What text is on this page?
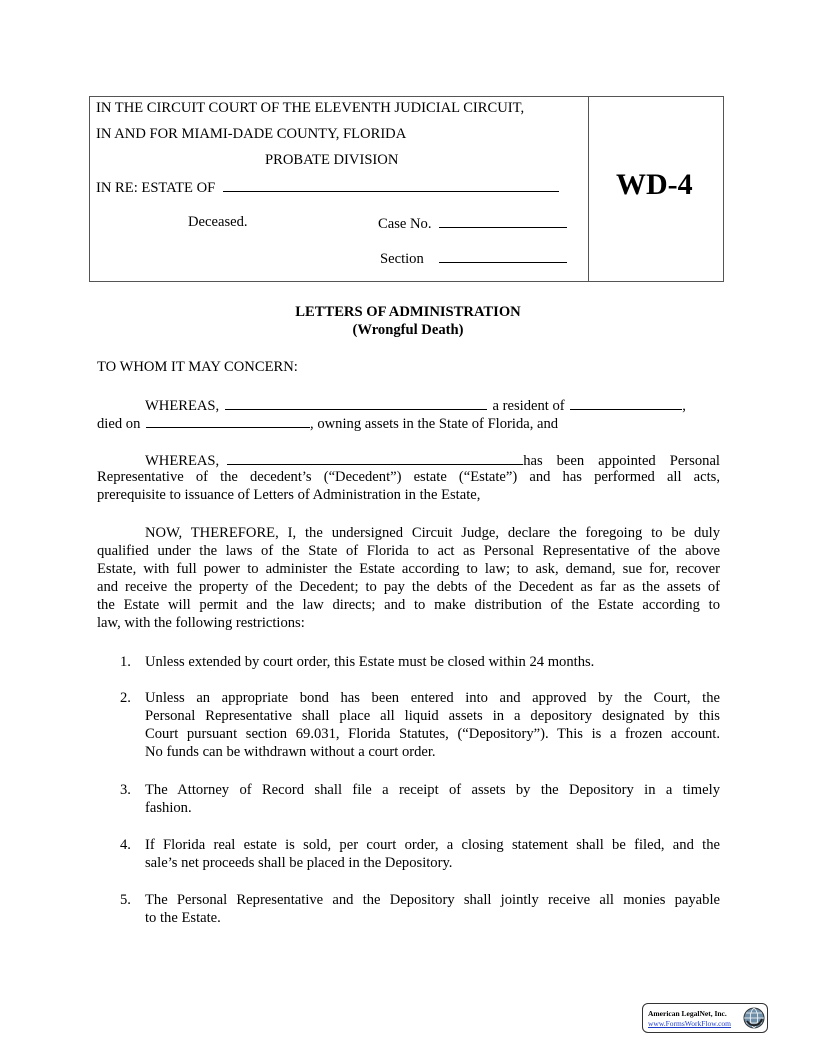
IN THE CIRCUIT COURT OF THE ELEVENTH JUDICIAL CIRCUIT,
IN AND FOR MIAMI-DADE COUNTY, FLORIDA
PROBATE DIVISION
IN RE: ESTATE OF
Deceased.	Case No.
Section
WD-4
LETTERS OF ADMINISTRATION
(Wrongful Death)
TO WHOM IT MAY CONCERN:
WHEREAS,	a resident of	,
died on	, owning assets in the State of Florida, and
WHEREAS,	has been appointed Personal
Representative of the decedent’s (“Decedent”) estate (“Estate”) and has performed all acts,
prerequisite to issuance of Letters of Administration in the Estate,
NOW, THEREFORE, I, the undersigned Circuit Judge, declare the foregoing to be duly
qualified under the laws of the State of Florida to act as Personal Representative of the above
Estate, with full power to administer the Estate according to law; to ask, demand, sue for, recover
and receive the property of the Decedent; to pay the debts of the Decedent as far as the assets of
the Estate will permit and the law directs; and to make distribution of the Estate according to
law, with the following restrictions:
1. Unless extended by court order, this Estate must be closed within 24 months.
2. Unless an appropriate bond has been entered into and approved by the Court, the
Personal Representative shall place all liquid assets in a depository designated by this
Court pursuant section 69.031, Florida Statutes, (“Depository”). This is a frozen account.
No funds can be withdrawn without a court order.
3. The Attorney of Record shall file a receipt of assets by the Depository in a timely
fashion.
4. If Florida real estate is sold, per court order, a closing statement shall be filed, and the
sale’s net proceeds shall be placed in the Depository.
5. The Personal Representative and the Depository shall jointly receive all monies payable
to the Estate.
American LegalNet, Inc.
www.FormsWorkFlow.com
